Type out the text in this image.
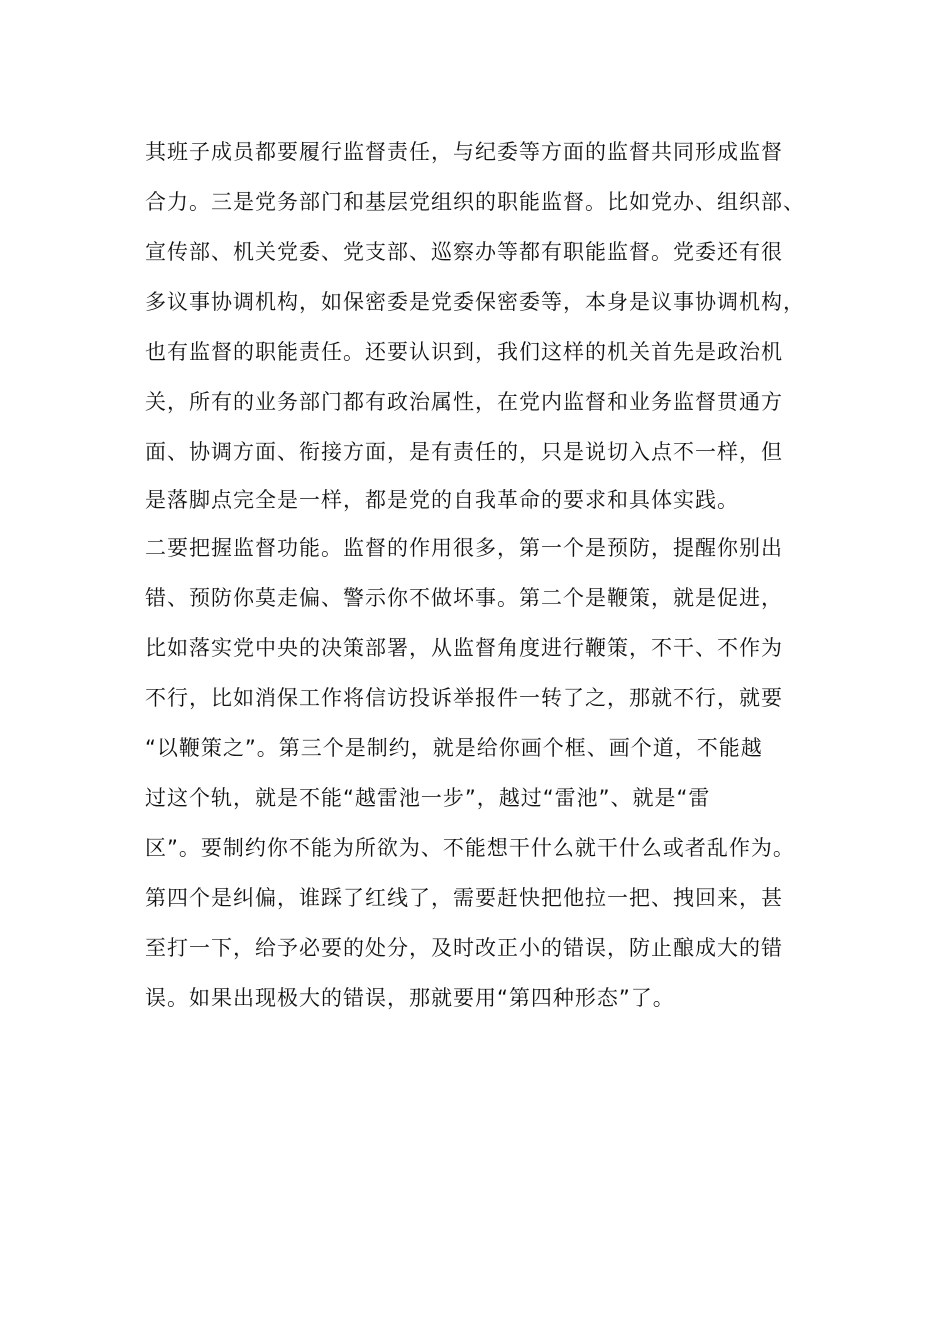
其班子成员都要履行监督责任，与纪委等方面的监督共同形成监督
合力。三是党务部门和基层党组织的职能监督。比如党办、组织部、
宣传部、机关党委、党支部、巡察办等都有职能监督。党委还有很
多议事协调机构，如保密委是党委保密委等，本身是议事协调机构，
也有监督的职能责任。还要认识到，我们这样的机关首先是政治机
关，所有的业务部门都有政治属性，在党内监督和业务监督贯通方
面、协调方面、衔接方面，是有责任的，只是说切入点不一样，但
是落脚点完全是一样，都是党的自我革命的要求和具体实践。
二要把握监督功能。监督的作用很多，第一个是预防，提醒你别出
错、预防你莫走偏、警示你不做坏事。第二个是鞭策，就是促进，
比如落实党中央的决策部署，从监督角度进行鞭策，不干、不作为
不行，比如消保工作将信访投诉举报件一转了之，那就不行，就要
“以鞭策之”。第三个是制约，就是给你画个框、画个道，不能越
过这个轨，就是不能“越雷池一步”，越过“雷池”、就是“雷
区”。要制约你不能为所欲为、不能想干什么就干什么或者乱作为。
第四个是纠偏，谁踩了红线了，需要赶快把他拉一把、拽回来，甚
至打一下，给予必要的处分，及时改正小的错误，防止酿成大的错
误。如果出现极大的错误，那就要用“第四种形态”了。
